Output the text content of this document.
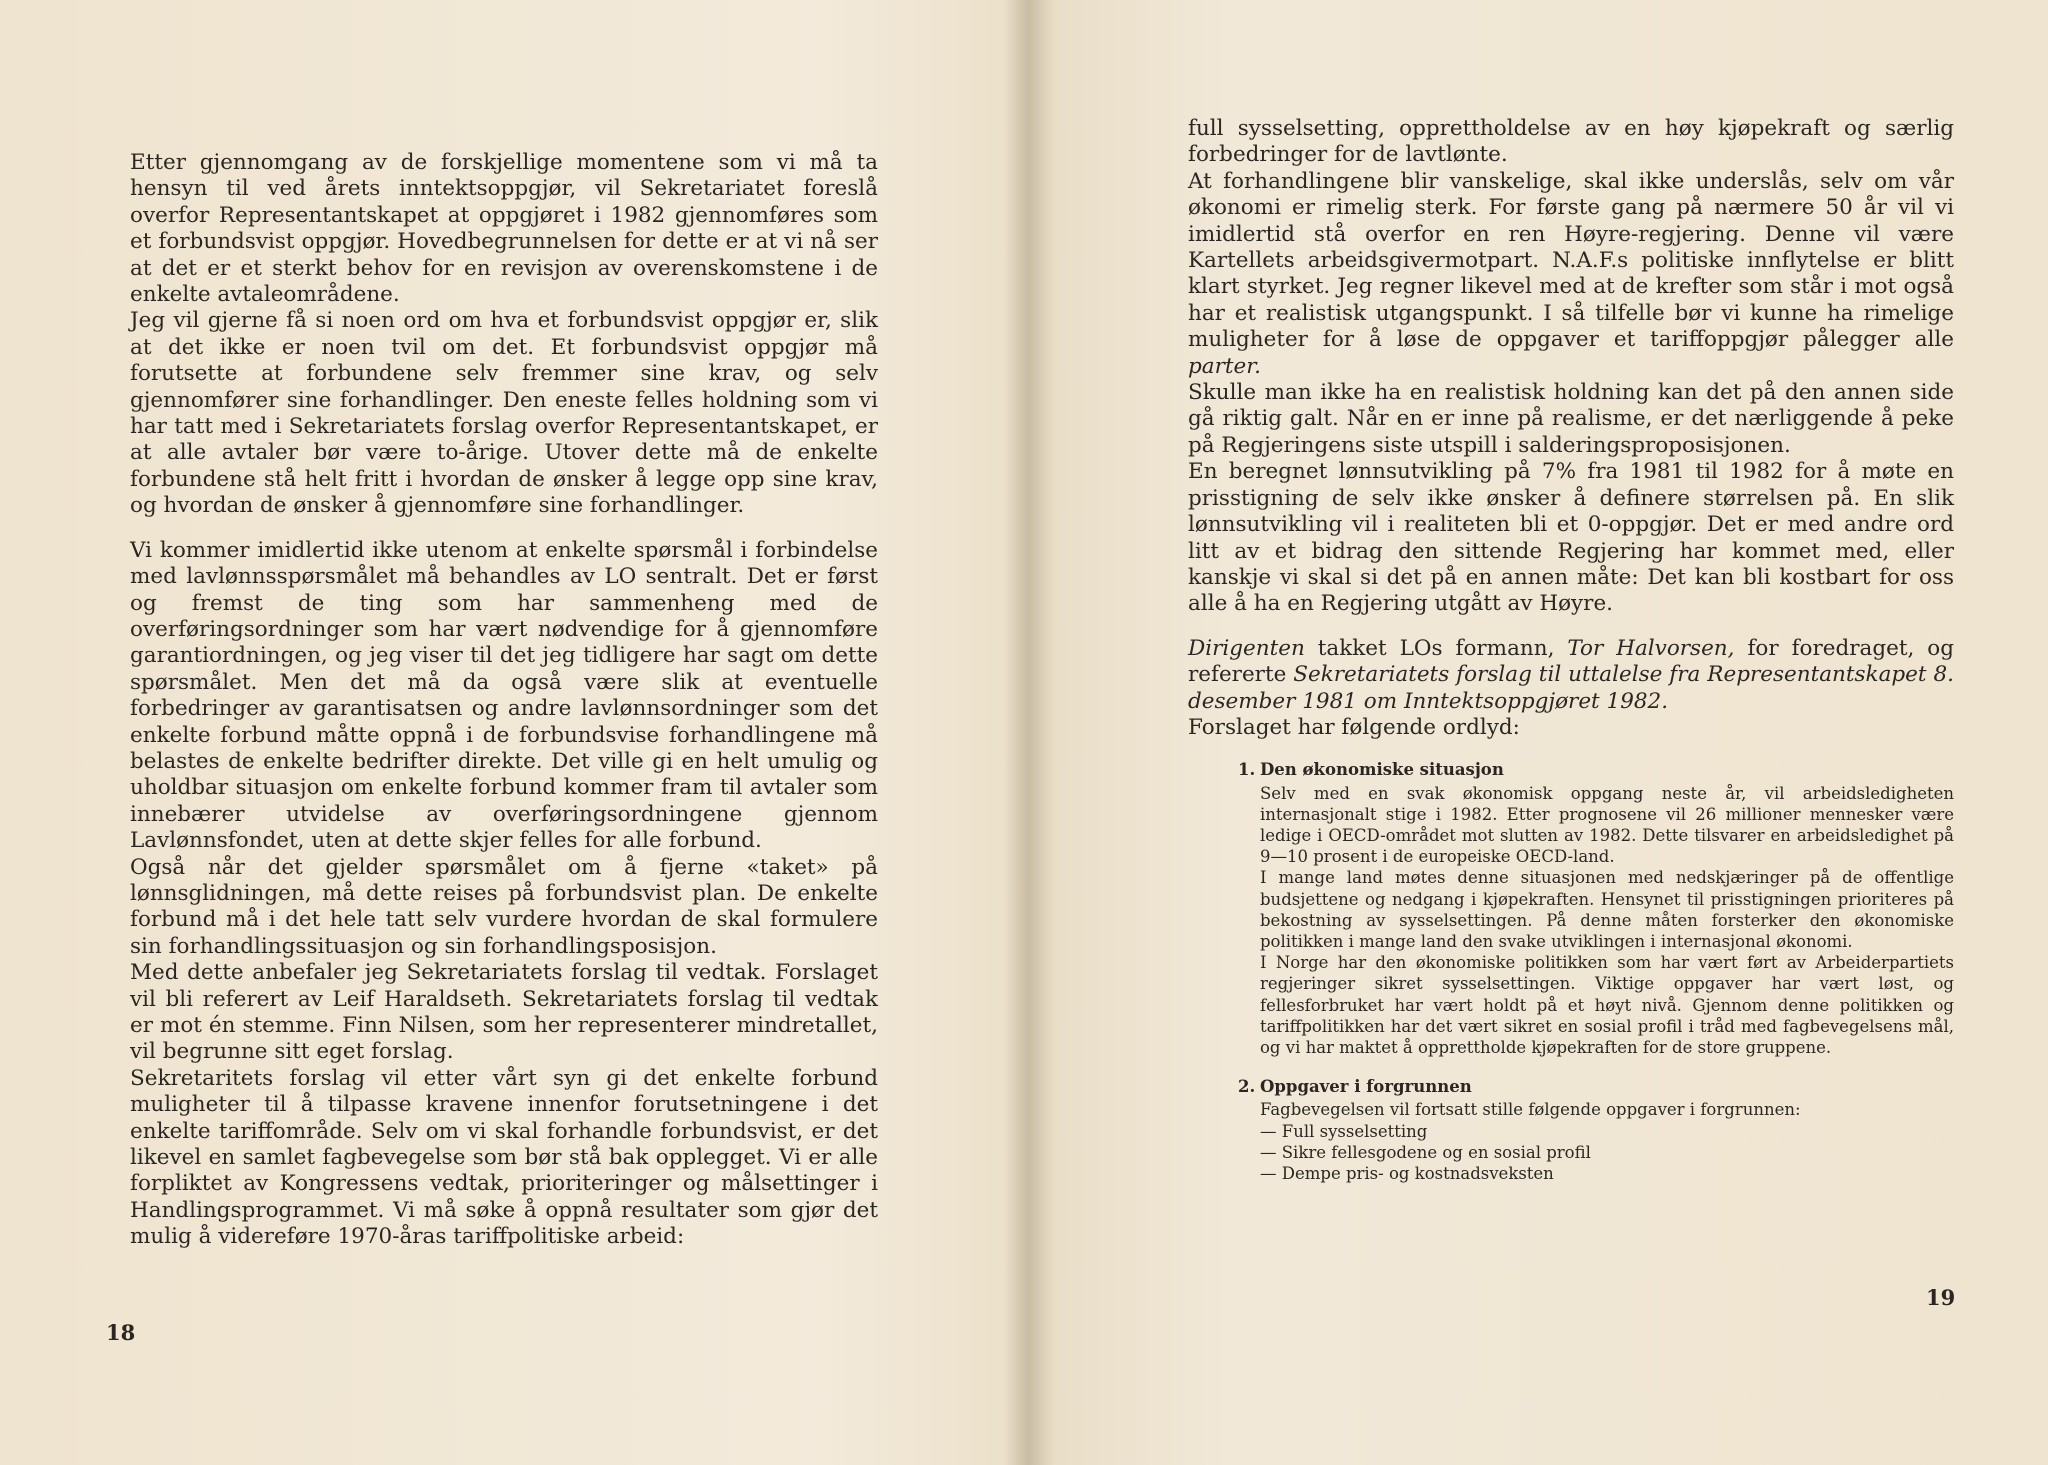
Etter gjennomgang av de forskjellige momentene som vi må ta hensyn til ved årets inntektsoppgjør, vil Sekretariatet foreslå overfor Representantskapet at oppgjøret i 1982 gjennomføres som et forbundsvist oppgjør. Hovedbegrunnelsen for dette er at vi nå ser at det er et sterkt behov for en revisjon av overenskomstene i de enkelte avtaleområdene.

Jeg vil gjerne få si noen ord om hva et forbundsvist oppgjør er, slik at det ikke er noen tvil om det. Et forbundsvist oppgjør må forutsette at forbundene selv fremmer sine krav, og selv gjennomfører sine forhandlinger. Den eneste felles holdning som vi har tatt med i Sekretariatets forslag overfor Representantskapet, er at alle avtaler bør være to-årige. Utover dette må de enkelte forbundene stå helt fritt i hvordan de ønsker å legge opp sine krav, og hvordan de ønsker å gjennomføre sine forhandlinger.

Vi kommer imidlertid ikke utenom at enkelte spørsmål i forbindelse med lavlønnsspørsmålet må behandles av LO sentralt. Det er først og fremst de ting som har sammenheng med de overføringsordninger som har vært nødvendige for å gjennomføre garantiordningen, og jeg viser til det jeg tidligere har sagt om dette spørsmålet. Men det må da også være slik at eventuelle forbedringer av garantisatsen og andre lavlønnsordninger som det enkelte forbund måtte oppnå i de forbundsvise forhandlingene må belastes de enkelte bedrifter direkte. Det ville gi en helt umulig og uholdbar situasjon om enkelte forbund kommer fram til avtaler som innebærer utvidelse av overføringsordningene gjennom Lavlønnsfondet, uten at dette skjer felles for alle forbund.

Også når det gjelder spørsmålet om å fjerne «taket» på lønnsglidningen, må dette reises på forbundsvist plan. De enkelte forbund må i det hele tatt selv vurdere hvordan de skal formulere sin forhandlingssituasjon og sin forhandlingsposisjon.

Med dette anbefaler jeg Sekretariatets forslag til vedtak. Forslaget vil bli referert av Leif Haraldseth. Sekretariatets forslag til vedtak er mot én stemme. Finn Nilsen, som her representerer mindretallet, vil begrunne sitt eget forslag.

Sekretaritets forslag vil etter vårt syn gi det enkelte forbund muligheter til å tilpasse kravene innenfor forutsetningene i det enkelte tariffområde. Selv om vi skal forhandle forbundsvist, er det likevel en samlet fagbevegelse som bør stå bak opplegget. Vi er alle forpliktet av Kongressens vedtak, prioriteringer og målsettinger i Handlingsprogrammet. Vi må søke å oppnå resultater som gjør det mulig å videreføre 1970-åras tariffpolitiske arbeid:

18

full sysselsetting, opprettholdelse av en høy kjøpekraft og særlig forbedringer for de lavtlønte.

At forhandlingene blir vanskelige, skal ikke underslås, selv om vår økonomi er rimelig sterk. For første gang på nærmere 50 år vil vi imidlertid stå overfor en ren Høyre-regjering. Denne vil være Kartellets arbeidsgivermotpart. N.A.F.s politiske innflytelse er blitt klart styrket. Jeg regner likevel med at de krefter som står i mot også har et realistisk utgangspunkt. I så tilfelle bør vi kunne ha rimelige muligheter for å løse de oppgaver et tariffoppgjør pålegger alle parter.

Skulle man ikke ha en realistisk holdning kan det på den annen side gå riktig galt. Når en er inne på realisme, er det nærliggende å peke på Regjeringens siste utspill i salderingsproposisjonen.

En beregnet lønnsutvikling på 7% fra 1981 til 1982 for å møte en prisstigning de selv ikke ønsker å definere størrelsen på. En slik lønnsutvikling vil i realiteten bli et 0-oppgjør. Det er med andre ord litt av et bidrag den sittende Regjering har kommet med, eller kanskje vi skal si det på en annen måte: Det kan bli kostbart for oss alle å ha en Regjering utgått av Høyre.

Dirigenten takket LOs formann, Tor Halvorsen, for foredraget, og refererte Sekretariatets forslag til uttalelse fra Representantskapet 8. desember 1981 om Inntektsoppgjøret 1982.

Forslaget har følgende ordlyd:

1. Den økonomiske situasjon

Selv med en svak økonomisk oppgang neste år, vil arbeidsledigheten internasjonalt stige i 1982. Etter prognosene vil 26 millioner mennesker være ledige i OECD-området mot slutten av 1982. Dette tilsvarer en arbeidsledighet på 9—10 prosent i de europeiske OECD-land.

I mange land møtes denne situasjonen med nedskjæringer på de offentlige budsjettene og nedgang i kjøpekraften. Hensynet til prisstigningen prioriteres på bekostning av sysselsettingen. På denne måten forsterker den økonomiske politikken i mange land den svake utviklingen i internasjonal økonomi.

I Norge har den økonomiske politikken som har vært ført av Arbeiderpartiets regjeringer sikret sysselsettingen. Viktige oppgaver har vært løst, og fellesforbruket har vært holdt på et høyt nivå. Gjennom denne politikken og tariffpolitikken har det vært sikret en sosial profil i tråd med fagbevegelsens mål, og vi har maktet å opprettholde kjøpekraften for de store gruppene.

2. Oppgaver i forgrunnen

Fagbevegelsen vil fortsatt stille følgende oppgaver i forgrunnen:

— Full sysselsetting
— Sikre fellesgodene og en sosial profil
— Dempe pris- og kostnadsveksten
19
